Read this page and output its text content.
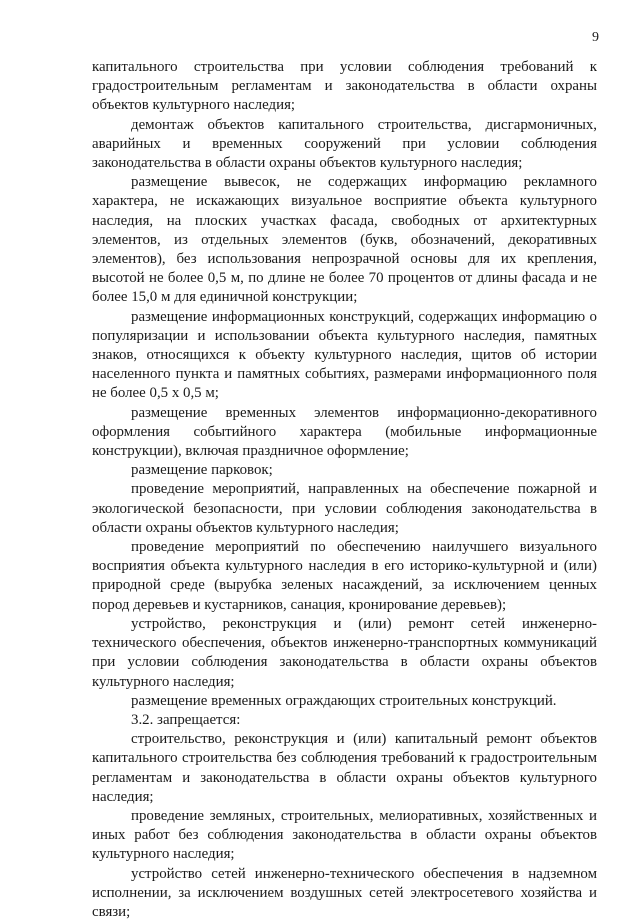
9

капитального строительства при условии соблюдения требований к градостроительным регламентам и законодательства в области охраны объектов культурного наследия;

демонтаж объектов капитального строительства, дисгармоничных, аварийных и временных сооружений при условии соблюдения законодательства в области охраны объектов культурного наследия;

размещение вывесок, не содержащих информацию рекламного характера, не искажающих визуальное восприятие объекта культурного наследия, на плоских участках фасада, свободных от архитектурных элементов, из отдельных элементов (букв, обозначений, декоративных элементов), без использования непрозрачной основы для их крепления, высотой не более 0,5 м, по длине не более 70 процентов от длины фасада и не более 15,0 м для единичной конструкции;

размещение информационных конструкций, содержащих информацию о популяризации и использовании объекта культурного наследия, памятных знаков, относящихся к объекту культурного наследия, щитов об истории населенного пункта и памятных событиях, размерами информационного поля не более 0,5 х 0,5 м;

размещение временных элементов информационно-декоративного оформления событийного характера (мобильные информационные конструкции), включая праздничное оформление;

размещение парковок;

проведение мероприятий, направленных на обеспечение пожарной и экологической безопасности, при условии соблюдения законодательства в области охраны объектов культурного наследия;

проведение мероприятий по обеспечению наилучшего визуального восприятия объекта культурного наследия в его историко-культурной и (или) природной среде (вырубка зеленых насаждений, за исключением ценных пород деревьев и кустарников, санация, кронирование деревьев);

устройство, реконструкция и (или) ремонт сетей инженерно-технического обеспечения, объектов инженерно-транспортных коммуникаций при условии соблюдения законодательства в области охраны объектов культурного наследия;

размещение временных ограждающих строительных конструкций.

3.2. запрещается:

строительство, реконструкция и (или) капитальный ремонт объектов капитального строительства без соблюдения требований к градостроительным регламентам и законодательства в области охраны объектов культурного наследия;

проведение земляных, строительных, мелиоративных, хозяйственных и иных работ без соблюдения законодательства в области охраны объектов культурного наследия;

устройство сетей инженерно-технического обеспечения в надземном исполнении, за исключением воздушных сетей электросетевого хозяйства и связи;
